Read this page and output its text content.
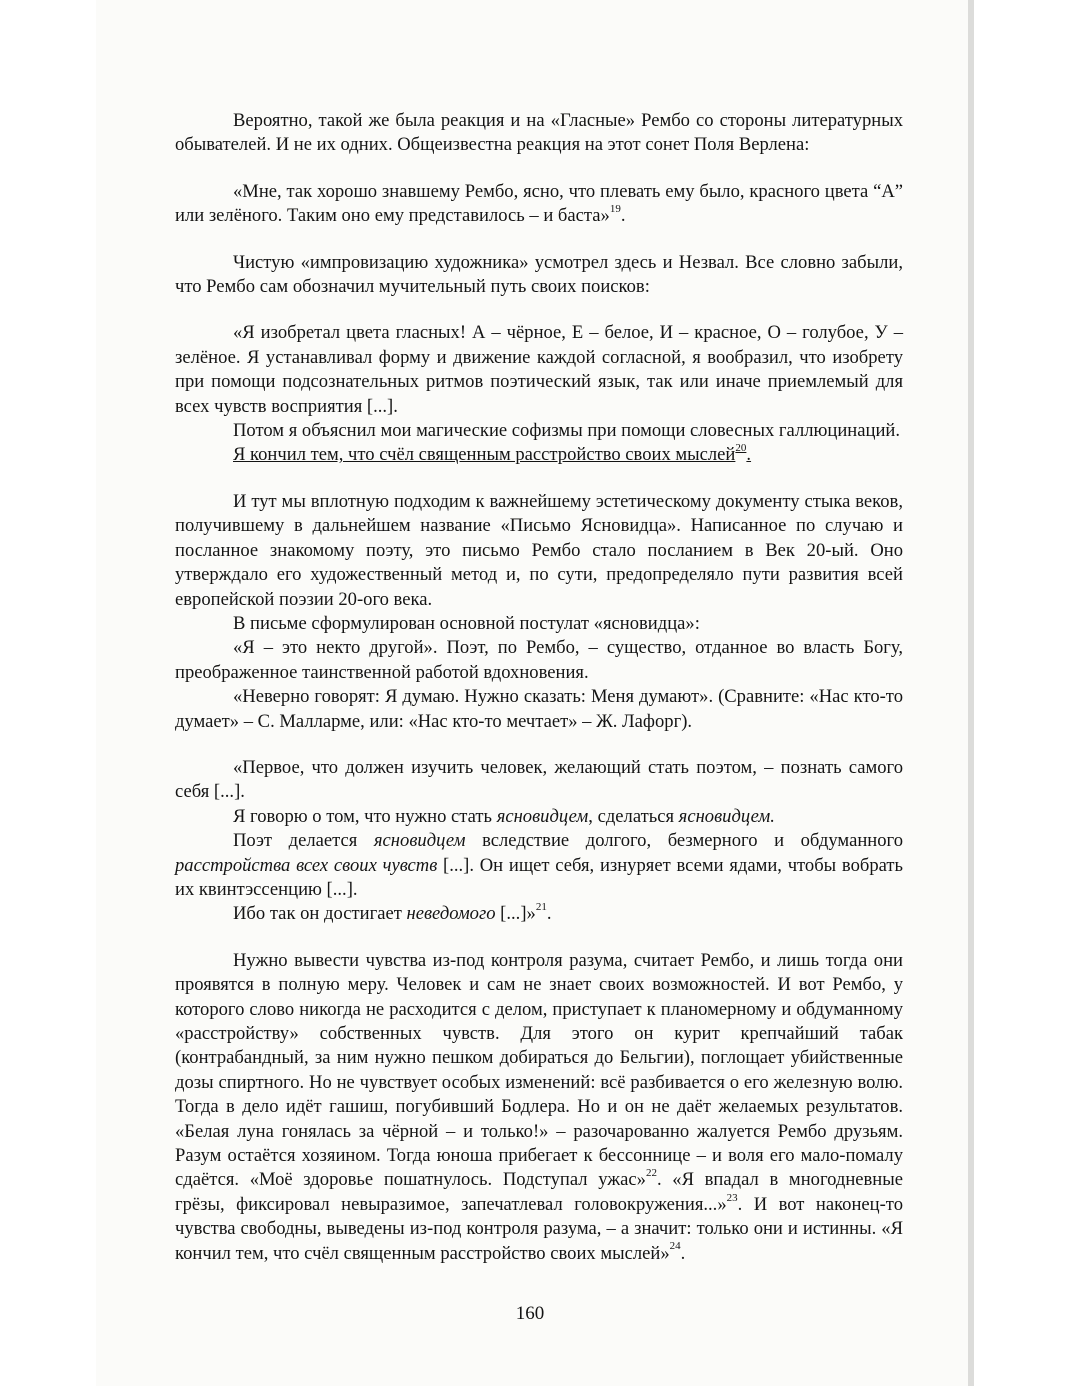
Вероятно, такой же была реакция и на «Гласные» Рембо со стороны литературных обывателей. И не их одних. Общеизвестна реакция на этот сонет Поля Верлена:

«Мне, так хорошо знавшему Рембо, ясно, что плевать ему было, красного цвета “А” или зелёного. Таким оно ему представилось – и баста»$^{19}$.

Чистую «импровизацию художника» усмотрел здесь и Незвал. Все словно забыли, что Рембо сам обозначил мучительный путь своих поисков:

«Я изобретал цвета гласных! А – чёрное, Е – белое, И – красное, О – голубое, У – зелёное. Я устанавливал форму и движение каждой согласной, я вообразил, что изобрету при помощи подсознательных ритмов поэтический язык, так или иначе приемлемый для всех чувств восприятия [...].

Потом я объяснил мои магические софизмы при помощи словесных галлюцинаций.

Я кончил тем, что счёл священным расстройство своих мыслей$^{20}$.

И тут мы вплотную подходим к важнейшему эстетическому документу стыка веков, получившему в дальнейшем название «Письмо Ясновидца». Написанное по случаю и посланное знакомому поэту, это письмо Рембо стало посланием в Век 20-ый. Оно утверждало его художественный метод и, по сути, предопределяло пути развития всей европейской поэзии 20-ого века.

В письме сформулирован основной постулат «ясновидца»:

«Я – это некто другой». Поэт, по Рембо, – существо, отданное во власть Богу, преображенное таинственной работой вдохновения.

«Неверно говорят: Я думаю. Нужно сказать: Меня думают». (Сравните: «Нас кто-то думает» – С. Малларме, или: «Нас кто-то мечтает» – Ж. Лафорг).

«Первое, что должен изучить человек, желающий стать поэтом, – познать самого себя [...].

Я говорю о том, что нужно стать ясновидцем, сделаться ясновидцем.

Поэт делается ясновидцем вследствие долгого, безмерного и обдуманного расстройства всех своих чувств [...]. Он ищет себя, изнуряет всеми ядами, чтобы вобрать их квинтэссенцию [...].

Ибо так он достигает неведомого [...]»$^{21}$.

Нужно вывести чувства из-под контроля разума, считает Рембо, и лишь тогда они проявятся в полную меру. Человек и сам не знает своих возможностей. И вот Рембо, у которого слово никогда не расходится с делом, приступает к планомерному и обдуманному «расстройству» собственных чувств. Для этого он курит крепчайший табак (контрабандный, за ним нужно пешком добираться до Бельгии), поглощает убийственные дозы спиртного. Но не чувствует особых изменений: всё разбивается о его железную волю. Тогда в дело идёт гашиш, погубивший Бодлера. Но и он не даёт желаемых результатов. «Белая луна гонялась за чёрной – и только!» – разочарованно жалуется Рембо друзьям. Разум остаётся хозяином. Тогда юноша прибегает к бессоннице – и воля его мало-помалу сдаётся. «Моё здоровье пошатнулось. Подступал ужас»$^{22}$. «Я впадал в многодневные грёзы, фиксировал невыразимое, запечатлевал головокружения...»$^{23}$. И вот наконец-то чувства свободны, выведены из-под контроля разума, – а значит: только они и истинны. «Я кончил тем, что счёл священным расстройство своих мыслей»$^{24}$.

160
